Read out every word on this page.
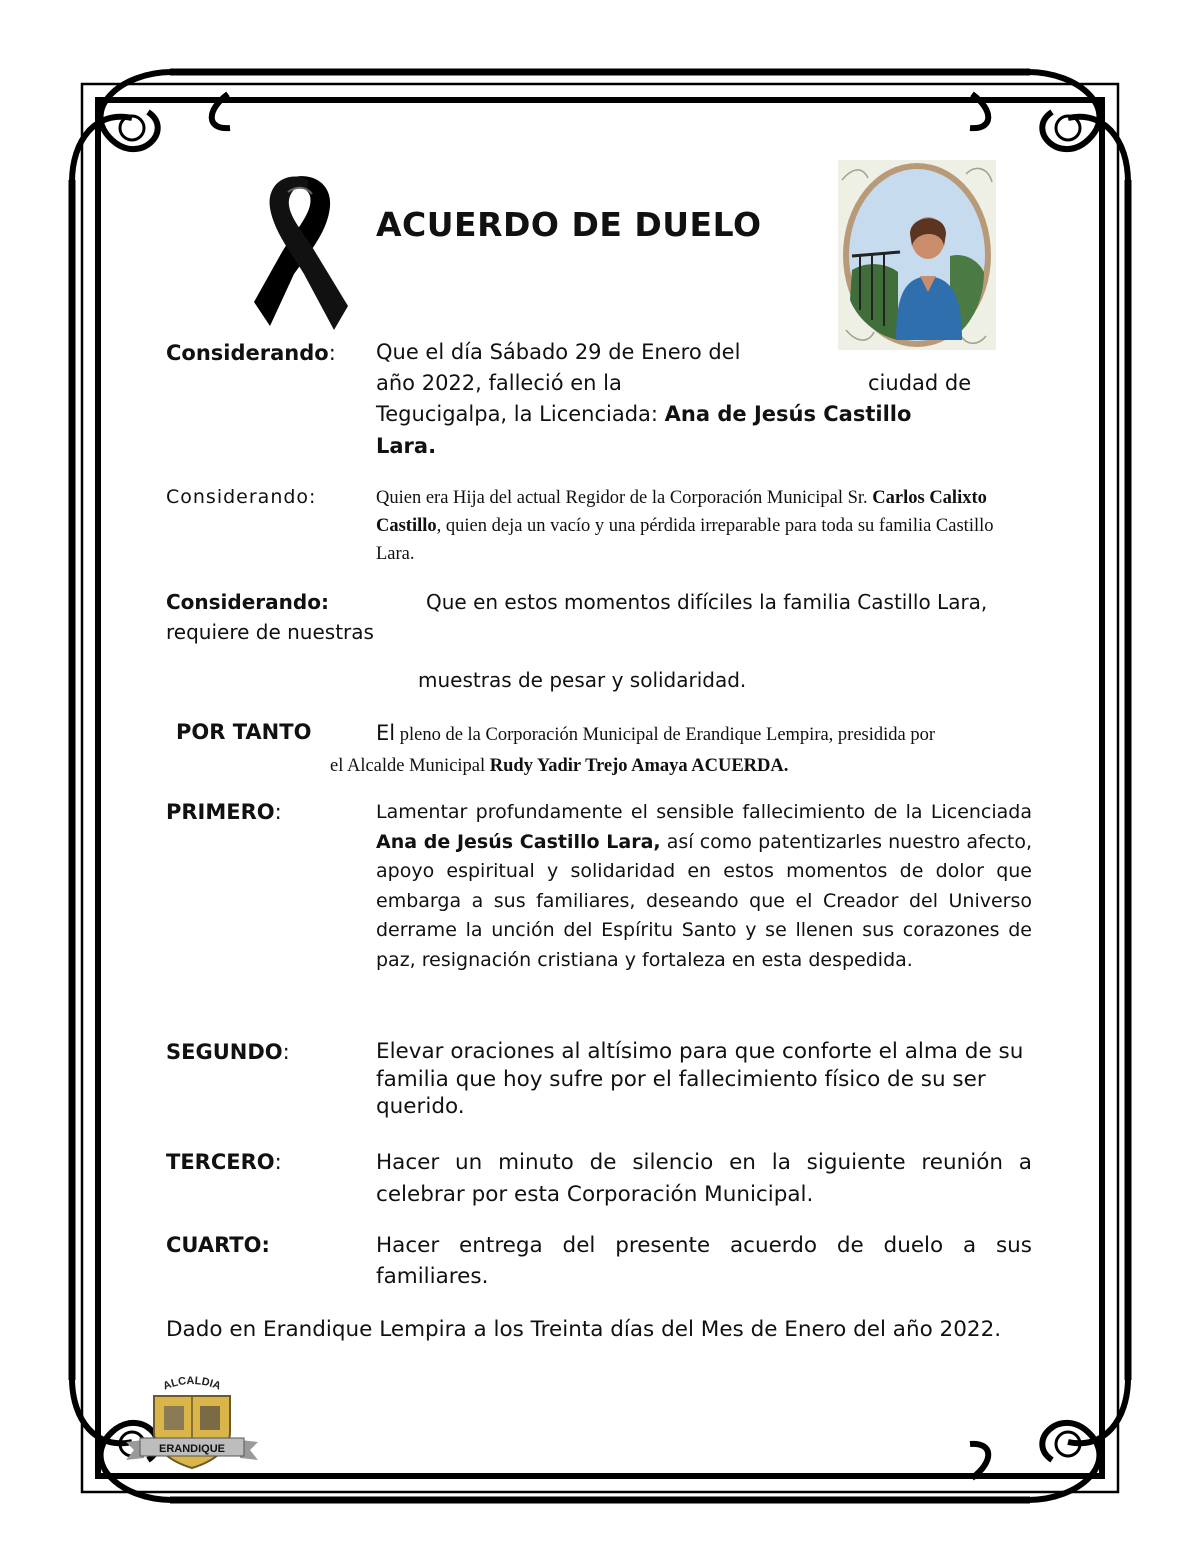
ACUERDO DE DUELO
Considerando: Que el día Sábado 29 de Enero del
año 2022, falleció en la	ciudad de
Tegucigalpa, la Licenciada: Ana de Jesús Castillo
Lara.
Considerando:	Quien era Hija del actual Regidor de la Corporación Municipal Sr. Carlos Calixto Castillo, quien deja un vacío y una pérdida irreparable para toda su familia Castillo Lara.
Considerando:	Que en estos momentos difíciles la familia Castillo Lara,
requiere de nuestras
muestras de pesar y solidaridad.
POR TANTO	El pleno de la Corporación Municipal de Erandique Lempira, presidida por
el Alcalde Municipal Rudy Yadir Trejo Amaya ACUERDA.
PRIMERO:	Lamentar profundamente el sensible fallecimiento de la Licenciada Ana de Jesús Castillo Lara, así como patentizarles nuestro afecto, apoyo espiritual y solidaridad en estos momentos de dolor que embarga a sus familiares, deseando que el Creador del Universo derrame la unción del Espíritu Santo y se llenen sus corazones de paz, resignación cristiana y fortaleza en esta despedida.
SEGUNDO:	Elevar oraciones al altísimo para que conforte el alma de su familia que hoy sufre por el fallecimiento físico de su ser querido.
TERCERO:	Hacer un minuto de silencio en la siguiente reunión a celebrar por esta Corporación Municipal.
CUARTO:	Hacer entrega del presente acuerdo de duelo a sus familiares.
Dado en Erandique Lempira a los Treinta días del Mes de Enero del año 2022.
ALCALDIA
ERANDIQUE
